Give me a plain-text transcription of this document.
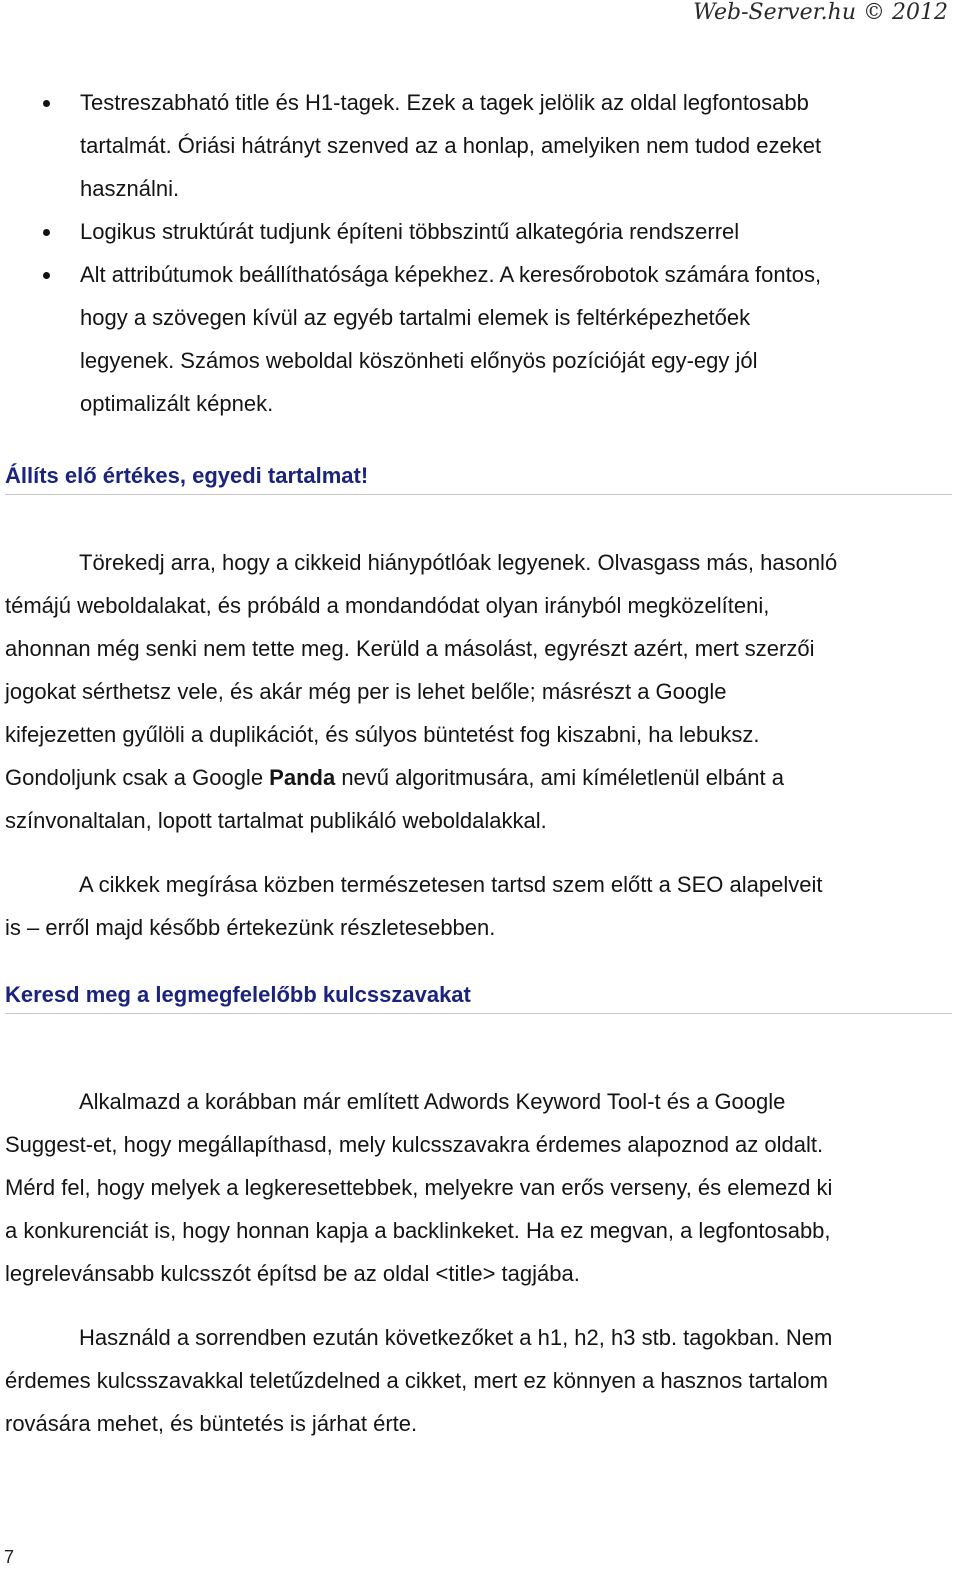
Web-Server.hu © 2012
Testreszabható title és H1-tagek. Ezek a tagek jelölik az oldal legfontosabb
tartalmát. Óriási hátrányt szenved az a honlap, amelyiken nem tudod ezeket
használni.
Logikus struktúrát tudjunk építeni többszintű alkategória rendszerrel
Alt attribútumok beállíthatósága képekhez. A keresőrobotok számára fontos,
hogy a szövegen kívül az egyéb tartalmi elemek is feltérképezhetőek
legyenek. Számos weboldal köszönheti előnyös pozícióját egy-egy jól
optimalizált képnek.
Állíts elő értékes, egyedi tartalmat!

Törekedj arra, hogy a cikkeid hiánypótlóak legyenek. Olvasgass más, hasonló
témájú weboldalakat, és próbáld a mondandódat olyan irányból megközelíteni,
ahonnan még senki nem tette meg. Kerüld a másolást, egyrészt azért, mert szerzői
jogokat sérthetsz vele, és akár még per is lehet belőle; másrészt a Google
kifejezetten gyűlöli a duplikációt, és súlyos büntetést fog kiszabni, ha lebuksz.
Gondoljunk csak a Google Panda nevű algoritmusára, ami kíméletlenül elbánt a
színvonaltalan, lopott tartalmat publikáló weboldalakkal.

A cikkek megírása közben természetesen tartsd szem előtt a SEO alapelveit
is – erről majd később értekezünk részletesebben.

Keresd meg a legmegfelelőbb kulcsszavakat

Alkalmazd a korábban már említett Adwords Keyword Tool-t és a Google
Suggest-et, hogy megállapíthasd, mely kulcsszavakra érdemes alapoznod az oldalt.
Mérd fel, hogy melyek a legkeresettebbek, melyekre van erős verseny, és elemezd ki
a konkurenciát is, hogy honnan kapja a backlinkeket. Ha ez megvan, a legfontosabb,
legrelevánsabb kulcsszót építsd be az oldal <title> tagjába.

Használd a sorrendben ezután következőket a h1, h2, h3 stb. tagokban. Nem
érdemes kulcsszavakkal teletűzdelned a cikket, mert ez könnyen a hasznos tartalom
rovására mehet, és büntetés is járhat érte.

7
